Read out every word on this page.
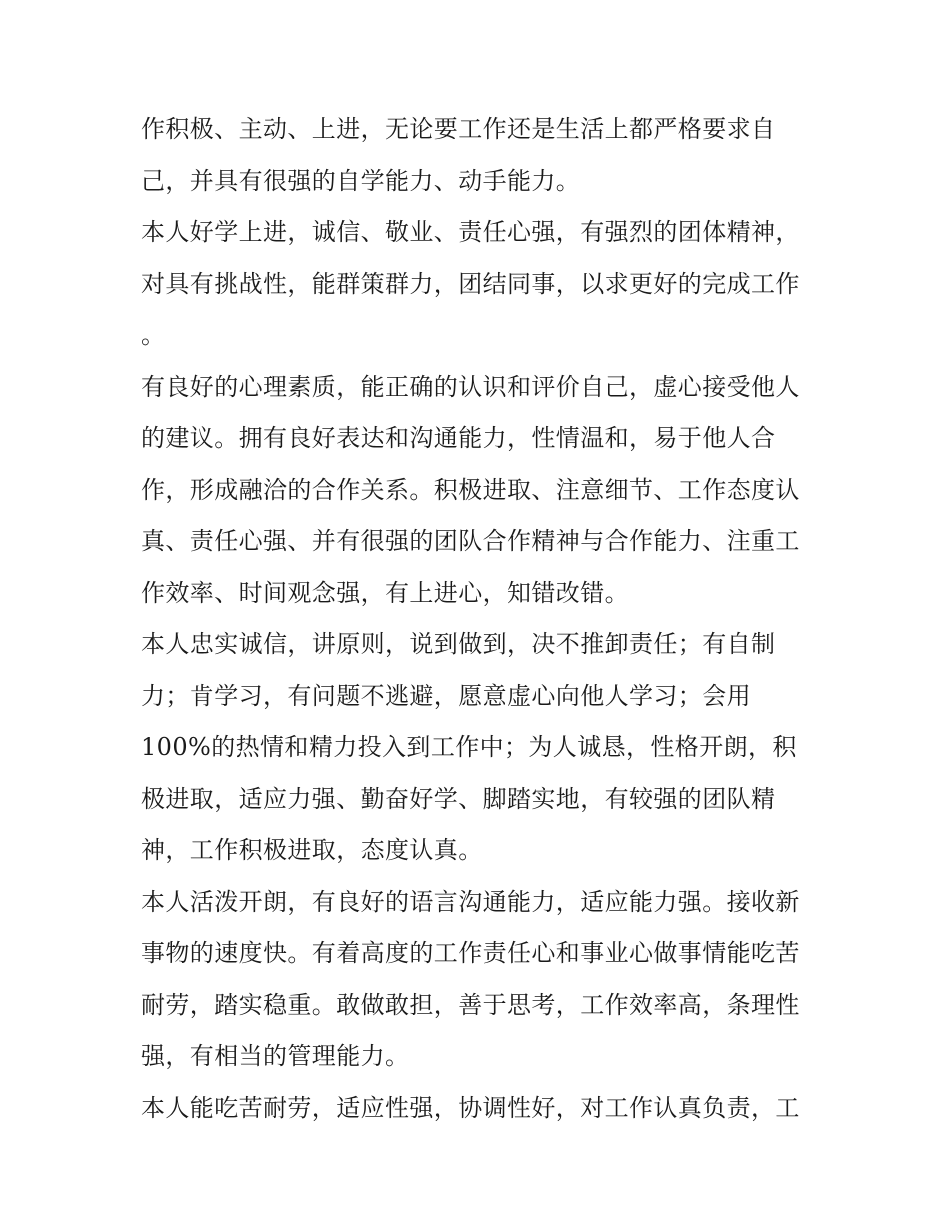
作积极、主动、上进，无论要工作还是生活上都严格要求自
己，并具有很强的自学能力、动手能力。
本人好学上进，诚信、敬业、责任心强，有强烈的团体精神，
对具有挑战性，能群策群力，团结同事，以求更好的完成工作
。
有良好的心理素质，能正确的认识和评价自己，虚心接受他人
的建议。拥有良好表达和沟通能力，性情温和，易于他人合
作，形成融洽的合作关系。积极进取、注意细节、工作态度认
真、责任心强、并有很强的团队合作精神与合作能力、注重工
作效率、时间观念强，有上进心，知错改错。
本人忠实诚信，讲原则，说到做到，决不推卸责任；有自制
力；肯学习，有问题不逃避，愿意虚心向他人学习；会用
100%的热情和精力投入到工作中；为人诚恳，性格开朗，积
极进取，适应力强、勤奋好学、脚踏实地，有较强的团队精
神，工作积极进取，态度认真。
本人活泼开朗，有良好的语言沟通能力，适应能力强。接收新
事物的速度快。有着高度的工作责任心和事业心做事情能吃苦
耐劳，踏实稳重。敢做敢担，善于思考，工作效率高，条理性
强，有相当的管理能力。
本人能吃苦耐劳，适应性强，协调性好，对工作认真负责，工
